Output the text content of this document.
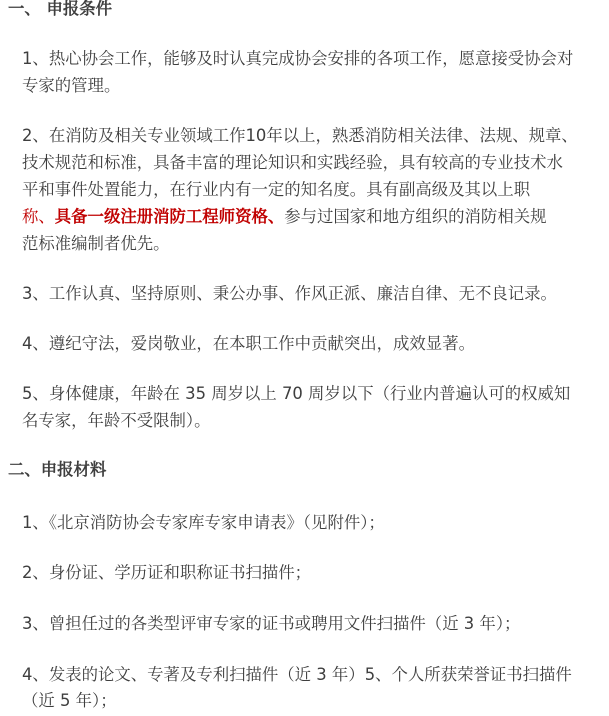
一、 申报条件
1、热心协会工作，能够及时认真完成协会安排的各项工作，愿意接受协会对
专家的管理。
2、在消防及相关专业领域工作10年以上，熟悉消防相关法律、法规、规章、
技术规范和标准，具备丰富的理论知识和实践经验，具有较高的专业技术水
平和事件处置能力，在行业内有一定的知名度。具有副高级及其以上职
称、具备一级注册消防工程师资格、参与过国家和地方组织的消防相关规
范标准编制者优先。
3、工作认真、坚持原则、秉公办事、作风正派、廉洁自律、无不良记录。
4、遵纪守法，爱岗敬业，在本职工作中贡献突出，成效显著。
5、身体健康，年龄在 35 周岁以上 70 周岁以下（行业内普遍认可的权威知
名专家，年龄不受限制）。
二、申报材料
1、《北京消防协会专家库专家申请表》（见附件）；
2、身份证、学历证和职称证书扫描件；
3、曾担任过的各类型评审专家的证书或聘用文件扫描件（近 3 年）；
4、发表的论文、专著及专利扫描件（近 3 年）5、个人所获荣誉证书扫描件
（近 5 年）；
